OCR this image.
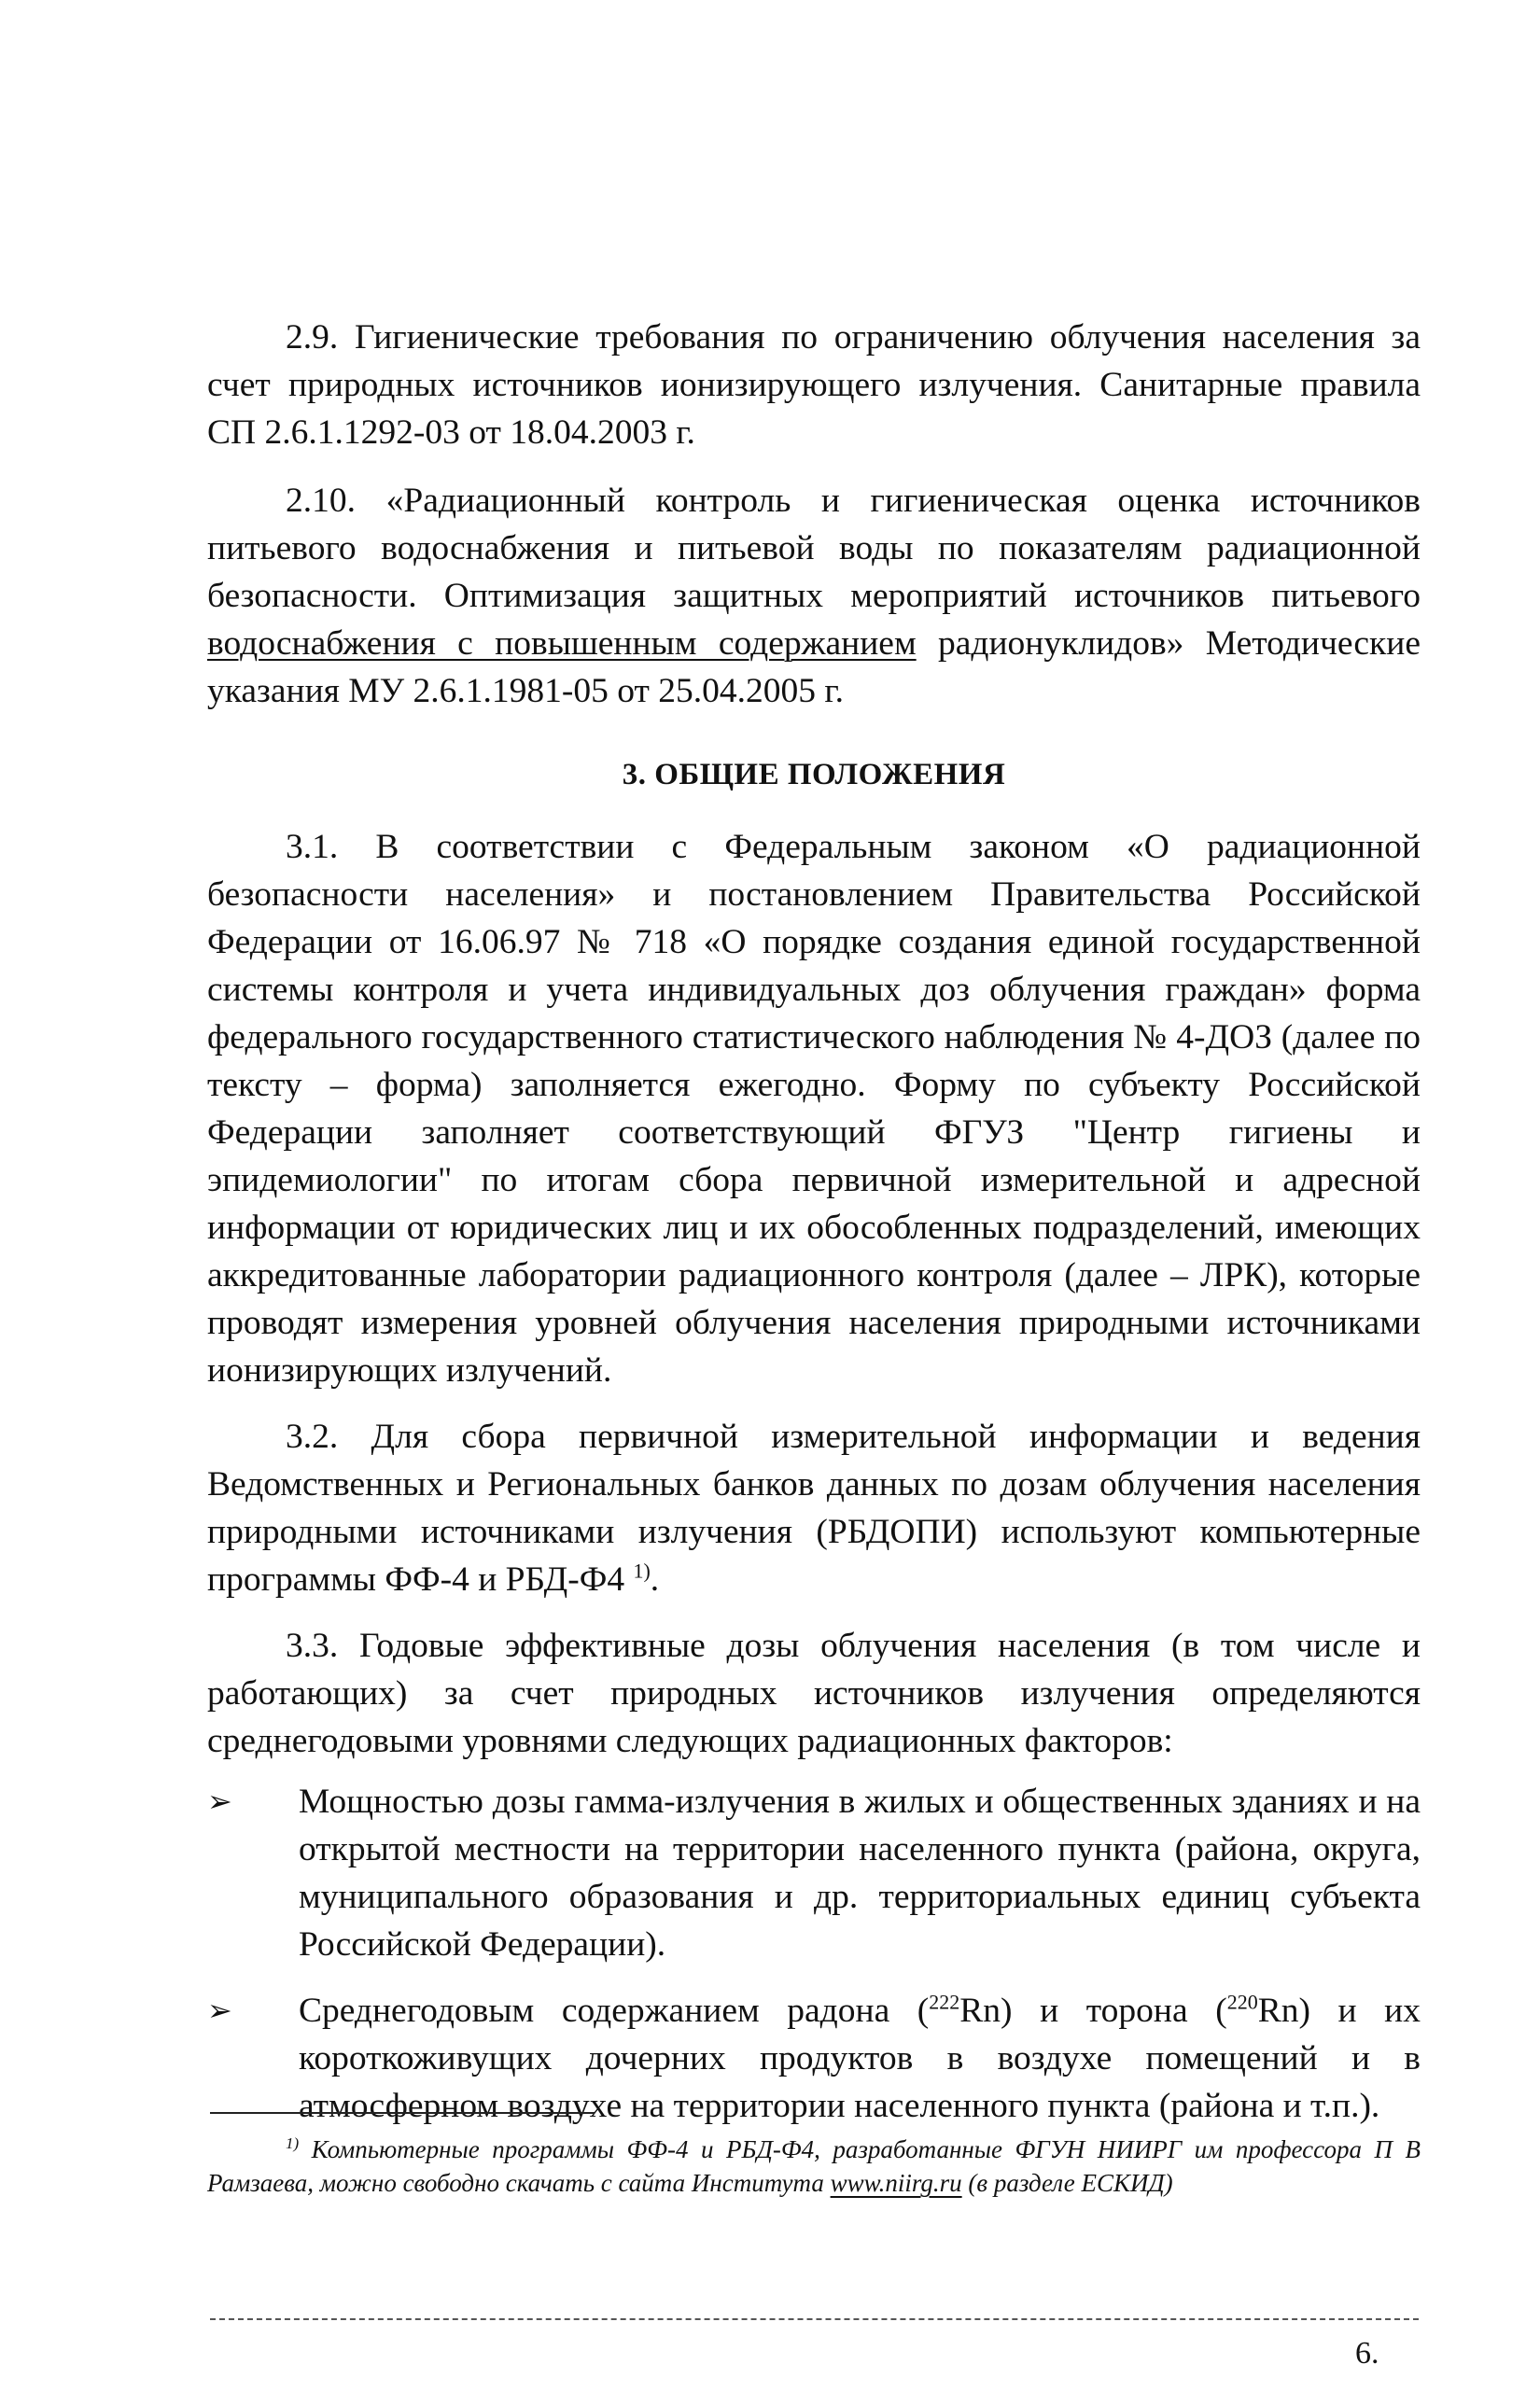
2.9. Гигиенические требования по ограничению облучения населения за счет природных источников ионизирующего излучения. Санитарные правила СП 2.6.1.1292-03 от 18.04.2003 г.

2.10. «Радиационный контроль и гигиеническая оценка источников питьевого водоснабжения и питьевой воды по показателям радиационной безопасности. Оптимизация защитных мероприятий источников питьевого водоснабжения с повышенным содержанием радионуклидов» Методические указания МУ 2.6.1.1981-05 от 25.04.2005 г.

3. ОБЩИЕ ПОЛОЖЕНИЯ

3.1. В соответствии с Федеральным законом «О радиационной безопасности населения» и постановлением Правительства Российской Федерации от 16.06.97 № 718 «О порядке создания единой государственной системы контроля и учета индивидуальных доз облучения граждан» форма федерального государственного статистического наблюдения № 4-ДОЗ (далее по тексту – форма) заполняется ежегодно. Форму по субъекту Российской Федерации заполняет соответствующий ФГУЗ "Центр гигиены и эпидемиологии" по итогам сбора первичной измерительной и адресной информации от юридических лиц и их обособленных подразделений, имеющих аккредитованные лаборатории радиационного контроля (далее – ЛРК), которые проводят измерения уровней облучения населения природными источниками ионизирующих излучений.

3.2. Для сбора первичной измерительной информации и ведения Ведомственных и Региональных банков данных по дозам облучения населения природными источниками излучения (РБДОПИ) используют компьютерные программы ФФ-4 и РБД-Ф4 $^{1)}$.

3.3. Годовые эффективные дозы облучения населения (в том числе и работающих) за счет природных источников излучения определяются среднегодовыми уровнями следующих радиационных факторов:

➢	Мощностью дозы гамма-излучения в жилых и общественных зданиях и на открытой местности на территории населенного пункта (района, округа, муниципального образования и др. территориальных единиц субъекта Российской Федерации).
➢	Среднегодовым содержанием радона ($^{222}$Rn) и торона ($^{220}$Rn) и их короткоживущих дочерних продуктов в воздухе помещений и в атмосферном воздухе на территории населенного пункта (района и т.п.).

$^{1)}$ Компьютерные программы ФФ-4 и РБД-Ф4, разработанные ФГУН НИИРГ им профессора П В Рамзаева, можно свободно скачать с сайта Института www.niirg.ru (в разделе ЕСКИД)

6.
